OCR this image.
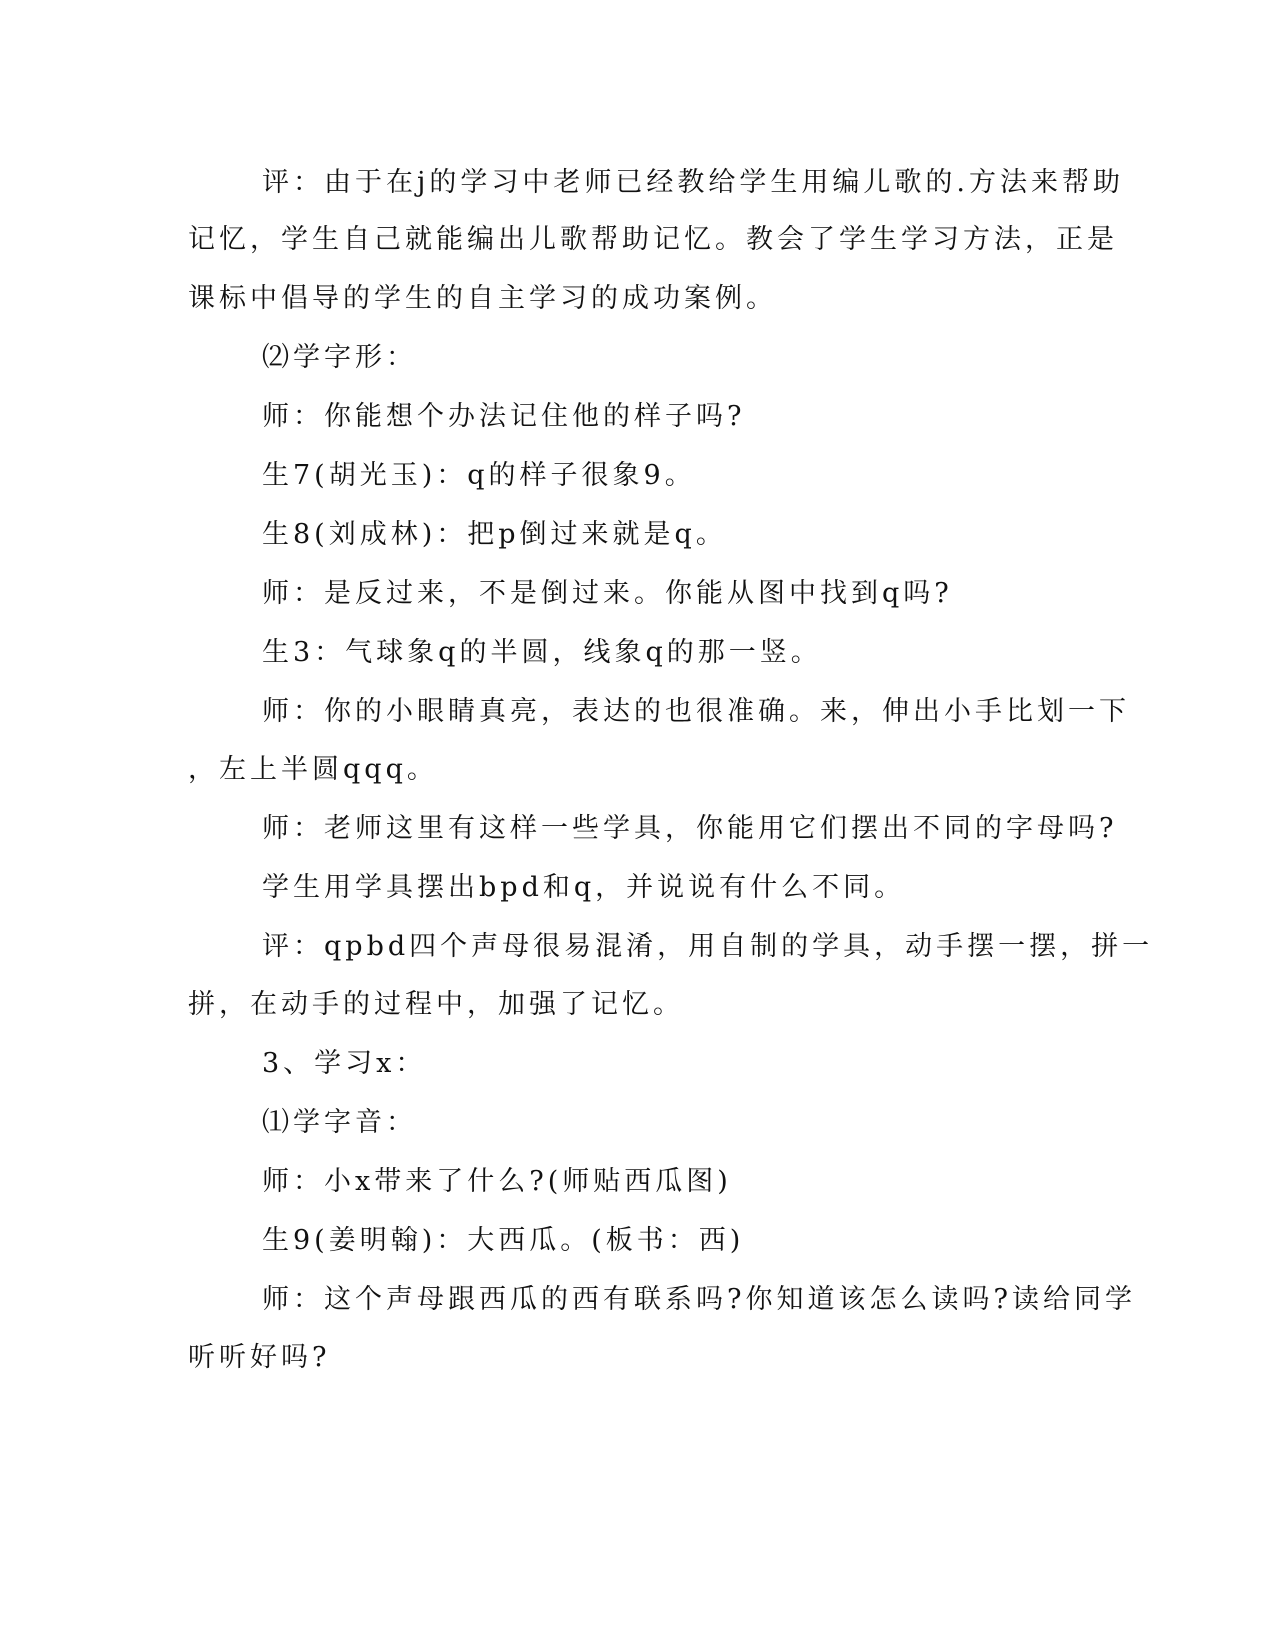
评：由于在j的学习中老师已经教给学生用编儿歌的.方法来帮助
记忆，学生自己就能编出儿歌帮助记忆。教会了学生学习方法，正是
课标中倡导的学生的自主学习的成功案例。
⑵学字形：
师：你能想个办法记住他的样子吗?
生7(胡光玉)：q的样子很象9。
生8(刘成林)：把p倒过来就是q。
师：是反过来，不是倒过来。你能从图中找到q吗?
生3：气球象q的半圆，线象q的那一竖。
师：你的小眼睛真亮，表达的也很准确。来，伸出小手比划一下
，左上半圆qqq。
师：老师这里有这样一些学具，你能用它们摆出不同的字母吗?
学生用学具摆出bpd和q，并说说有什么不同。
评：qpbd四个声母很易混淆，用自制的学具，动手摆一摆，拼一
拼，在动手的过程中，加强了记忆。
3、学习x：
⑴学字音：
师：小x带来了什么?(师贴西瓜图)
生9(姜明翰)：大西瓜。(板书：西)
师：这个声母跟西瓜的西有联系吗?你知道该怎么读吗?读给同学
听听好吗?
